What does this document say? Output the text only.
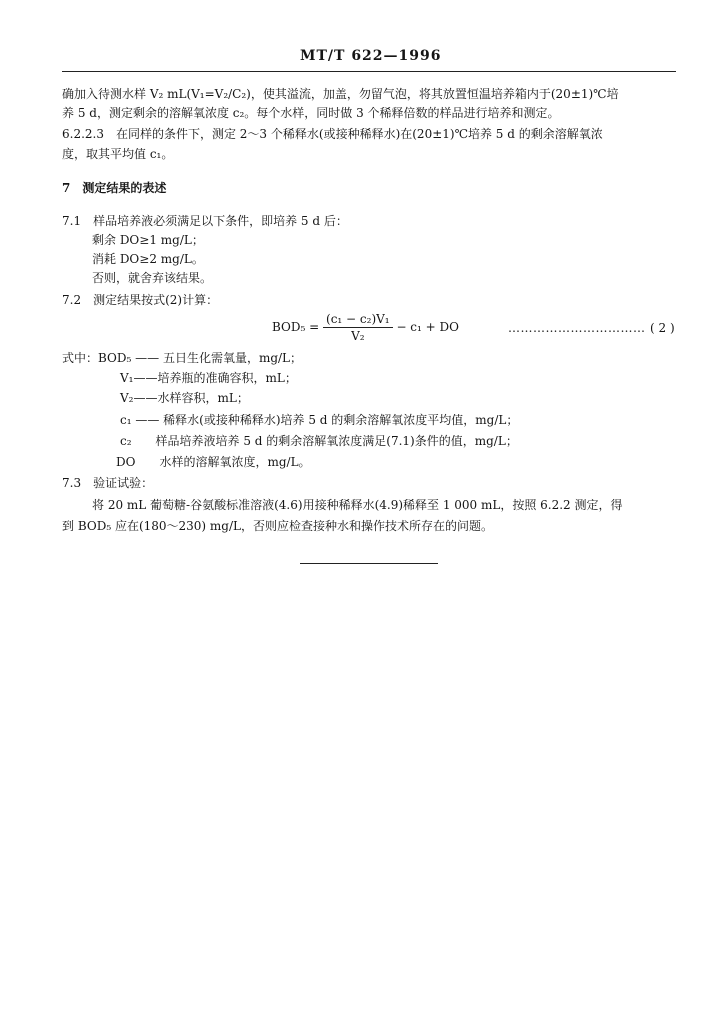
MT/T 622—1996
确加入待测水样 V₂ mL(V₁=V₂/C₂)，使其溢流，加盖，勿留气泡，将其放置恒温培养箱内于(20±1)℃培
养 5 d，测定剩余的溶解氧浓度 c₂。每个水样，同时做 3 个稀释倍数的样品进行培养和测定。
6.2.2.3　在同样的条件下，测定 2～3 个稀释水(或接种稀释水)在(20±1)℃培养 5 d 的剩余溶解氧浓
度，取其平均值 c₁。
7　测定结果的表述
7.1　样品培养液必须满足以下条件，即培养 5 d 后：
剩余 DO≥1 mg/L；
消耗 DO≥2 mg/L。
否则，就舍弃该结果。
7.2　测定结果按式(2)计算：
$BOD_5 = \frac{\text{(c₁ − c₂)V₁}}{\text{V₂}} - c_1$ + DO	…………………………… ( 2 )
式中：BOD₅ —— 五日生化需氧量，mg/L；
V₁——培养瓶的准确容积，mL；
V₂——水样容积，mL；
c₁ —— 稀释水(或接种稀释水)培养 5 d 的剩余溶解氧浓度平均值，mg/L；
c₂　　样品培养液培养 5 d 的剩余溶解氧浓度满足(7.1)条件的值，mg/L；
DO　　水样的溶解氧浓度，mg/L。
7.3　验证试验：
将 20 mL 葡萄糖-谷氨酸标准溶液(4.6)用接种稀释水(4.9)稀释至 1 000 mL，按照 6.2.2 测定，得
到 BOD₅ 应在(180～230) mg/L，否则应检查接种水和操作技术所存在的问题。
